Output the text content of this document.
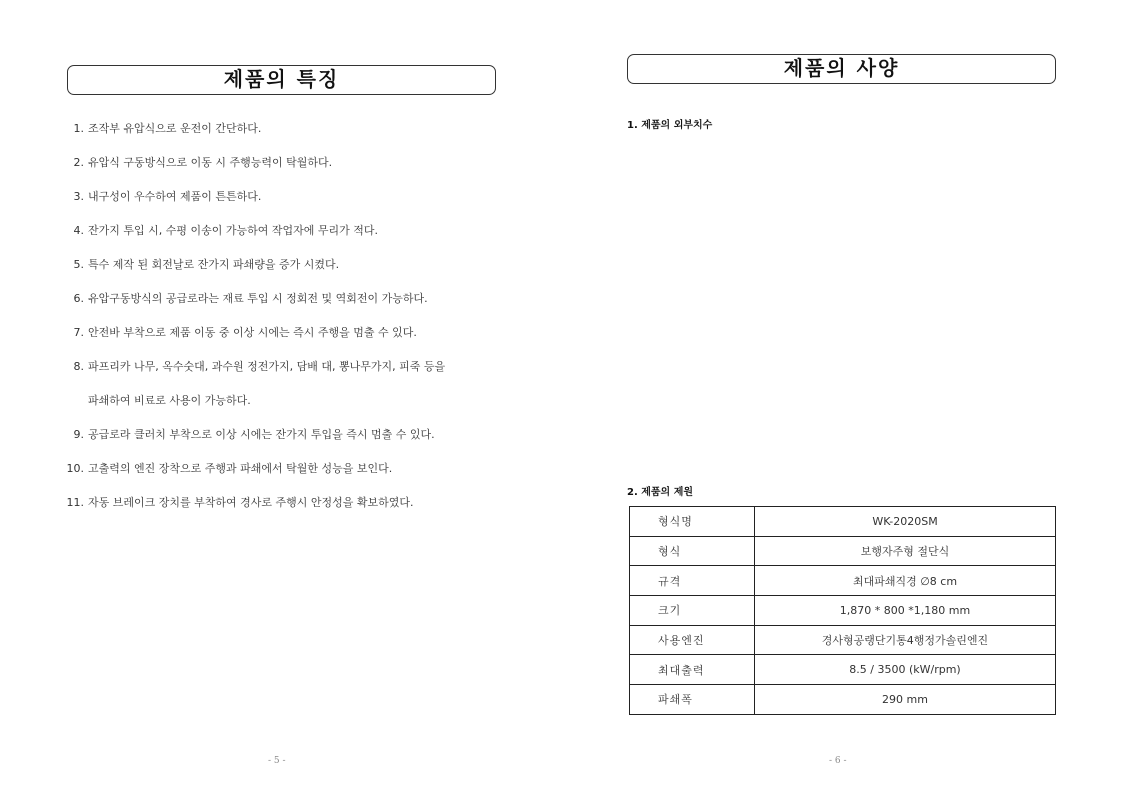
제품의 특징
1. 조작부 유압식으로 운전이 간단하다.
2. 유압식 구동방식으로 이동 시 주행능력이 탁월하다.
3. 내구성이 우수하여 제품이 튼튼하다.
4. 잔가지 투입 시, 수평 이송이 가능하여 작업자에 무리가 적다.
5. 특수 제작 된 회전날로 잔가지 파쇄량을 증가 시켰다.
6. 유압구동방식의 공급로라는 재료 투입 시 정회전 및 역회전이 가능하다.
7. 안전바 부착으로 제품 이동 중 이상 시에는 즉시 주행을 멈출 수 있다.
8. 파프리카 나무, 옥수숫대, 과수원 정전가지, 담배 대, 뽕나무가지, 피죽 등을
파쇄하여 비료로 사용이 가능하다.
9. 공급로라 클러치 부착으로 이상 시에는 잔가지 투입을 즉시 멈출 수 있다.
10. 고출력의 엔진 장착으로 주행과 파쇄에서 탁월한 성능을 보인다.
11. 자동 브레이크 장치를 부착하여 경사로 주행시 안정성을 확보하였다.
- 5 -
제품의 사양
1. 제품의 외부치수
2. 제품의 제원
형식명	WK-2020SM
형식	보행자주형 절단식
규격	최대파쇄직경 ∅8 cm
크기	1,870 * 800 *1,180 mm
사용엔진	경사형공랭단기통4행정가솔린엔진
최대출력	8.5 / 3500 (kW/rpm)
파쇄폭	290 mm
- 6 -
